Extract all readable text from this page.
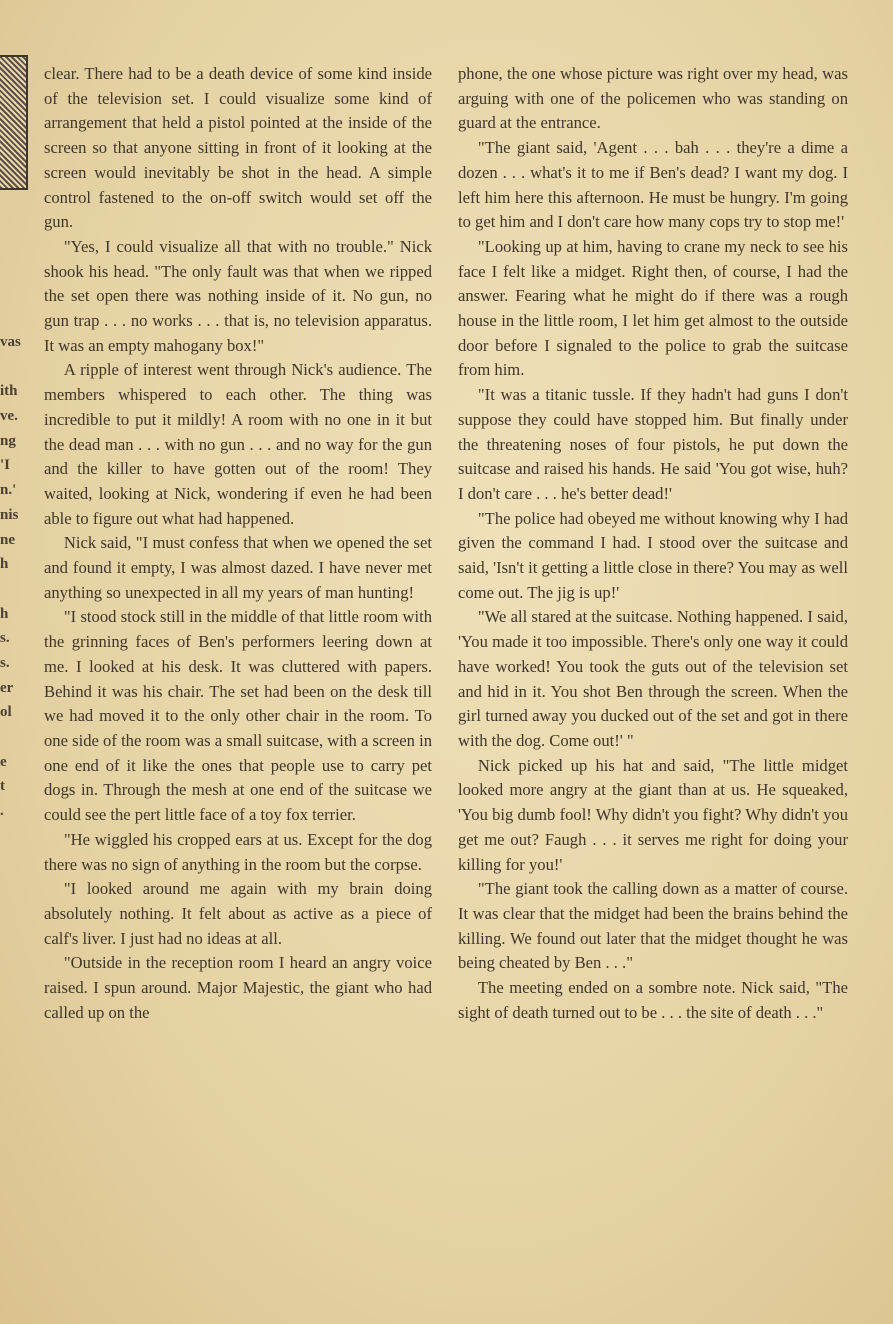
vas
ith
ve.
ng
'I
n.'
nis
ne
h
h
s.
s.
er
ol
e
t
.

clear. There had to be a death device of some kind inside of the television set. I could visualize some kind of arrangement that held a pistol pointed at the inside of the screen so that anyone sitting in front of it looking at the screen would inevitably be shot in the head. A simple control fastened to the on-off switch would set off the gun.

"Yes, I could visualize all that with no trouble." Nick shook his head. "The only fault was that when we ripped the set open there was nothing inside of it. No gun, no gun trap . . . no works . . . that is, no television apparatus. It was an empty mahogany box!"

A ripple of interest went through Nick's audience. The members whispered to each other. The thing was incredible to put it mildly! A room with no one in it but the dead man . . . with no gun . . . and no way for the gun and the killer to have gotten out of the room! They waited, looking at Nick, wondering if even he had been able to figure out what had happened.

Nick said, "I must confess that when we opened the set and found it empty, I was almost dazed. I have never met anything so unexpected in all my years of man hunting!

"I stood stock still in the middle of that little room with the grinning faces of Ben's performers leering down at me. I looked at his desk. It was cluttered with papers. Behind it was his chair. The set had been on the desk till we had moved it to the only other chair in the room. To one side of the room was a small suitcase, with a screen in one end of it like the ones that people use to carry pet dogs in. Through the mesh at one end of the suitcase we could see the pert little face of a toy fox terrier.

"He wiggled his cropped ears at us. Except for the dog there was no sign of anything in the room but the corpse.

"I looked around me again with my brain doing absolutely nothing. It felt about as active as a piece of calf's liver. I just had no ideas at all.

"Outside in the reception room I heard an angry voice raised. I spun around. Major Majestic, the giant who had called up on the

phone, the one whose picture was right over my head, was arguing with one of the policemen who was standing on guard at the entrance.

"The giant said, 'Agent . . . bah . . . they're a dime a dozen . . . what's it to me if Ben's dead? I want my dog. I left him here this afternoon. He must be hungry. I'm going to get him and I don't care how many cops try to stop me!'

"Looking up at him, having to crane my neck to see his face I felt like a midget. Right then, of course, I had the answer. Fearing what he might do if there was a rough house in the little room, I let him get almost to the outside door before I signaled to the police to grab the suitcase from him.

"It was a titanic tussle. If they hadn't had guns I don't suppose they could have stopped him. But finally under the threatening noses of four pistols, he put down the suitcase and raised his hands. He said 'You got wise, huh? I don't care . . . he's better dead!'

"The police had obeyed me without knowing why I had given the command I had. I stood over the suitcase and said, 'Isn't it getting a little close in there? You may as well come out. The jig is up!'

"We all stared at the suitcase. Nothing happened. I said, 'You made it too impossible. There's only one way it could have worked! You took the guts out of the television set and hid in it. You shot Ben through the screen. When the girl turned away you ducked out of the set and got in there with the dog. Come out!' "

Nick picked up his hat and said, "The little midget looked more angry at the giant than at us. He squeaked, 'You big dumb fool! Why didn't you fight? Why didn't you get me out? Faugh . . . it serves me right for doing your killing for you!'

"The giant took the calling down as a matter of course. It was clear that the midget had been the brains behind the killing. We found out later that the midget thought he was being cheated by Ben . . ."

The meeting ended on a sombre note. Nick said, "The sight of death turned out to be . . . the site of death . . ."
